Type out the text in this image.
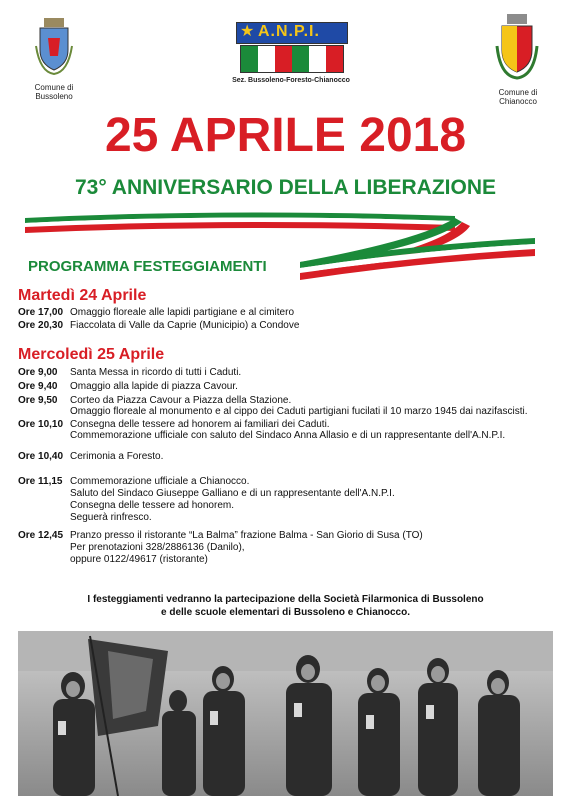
Comune di
Bussoleno
★ A.N.P.I.
Sez. Bussoleno-Foresto-Chianocco
Comune di
Chianocco
25 APRILE 2018
73° ANNIVERSARIO DELLA LIBERAZIONE
PROGRAMMA FESTEGGIAMENTI
Martedì 24 Aprile
Ore 17,00 Omaggio floreale alle lapidi partigiane e al cimitero
Ore 20,30 Fiaccolata di Valle da Caprie (Municipio) a Condove
Mercoledì 25 Aprile
Ore 9,00 Santa Messa in ricordo di tutti i Caduti.
Ore 9,40 Omaggio alla lapide di piazza Cavour.
Ore 9,50 Corteo da Piazza Cavour a Piazza della Stazione.
Omaggio floreale al monumento e al cippo dei Caduti partigiani fucilati il 10 marzo 1945 dai nazifascisti.
Ore 10,10 Consegna delle tessere ad honorem ai familiari dei Caduti.
Commemorazione ufficiale con saluto del Sindaco Anna Allasio e di un rappresentante dell'A.N.P.I.
Ore 10,40 Cerimonia a Foresto.
Ore 11,15 Commemorazione ufficiale a Chianocco.
Saluto del Sindaco Giuseppe Galliano e di un rappresentante dell'A.N.P.I.
Consegna delle tessere ad honorem.
Seguerà rinfresco.
Ore 12,45 Pranzo presso il ristorante “La Balma” frazione Balma - San Giorio di Susa (TO)
Per prenotazioni 328/2886136 (Danilo),
oppure 0122/49617 (ristorante)
I festeggiamenti vedranno la partecipazione della Società Filarmonica di Bussoleno
e delle scuole elementari di Bussoleno e Chianocco.
